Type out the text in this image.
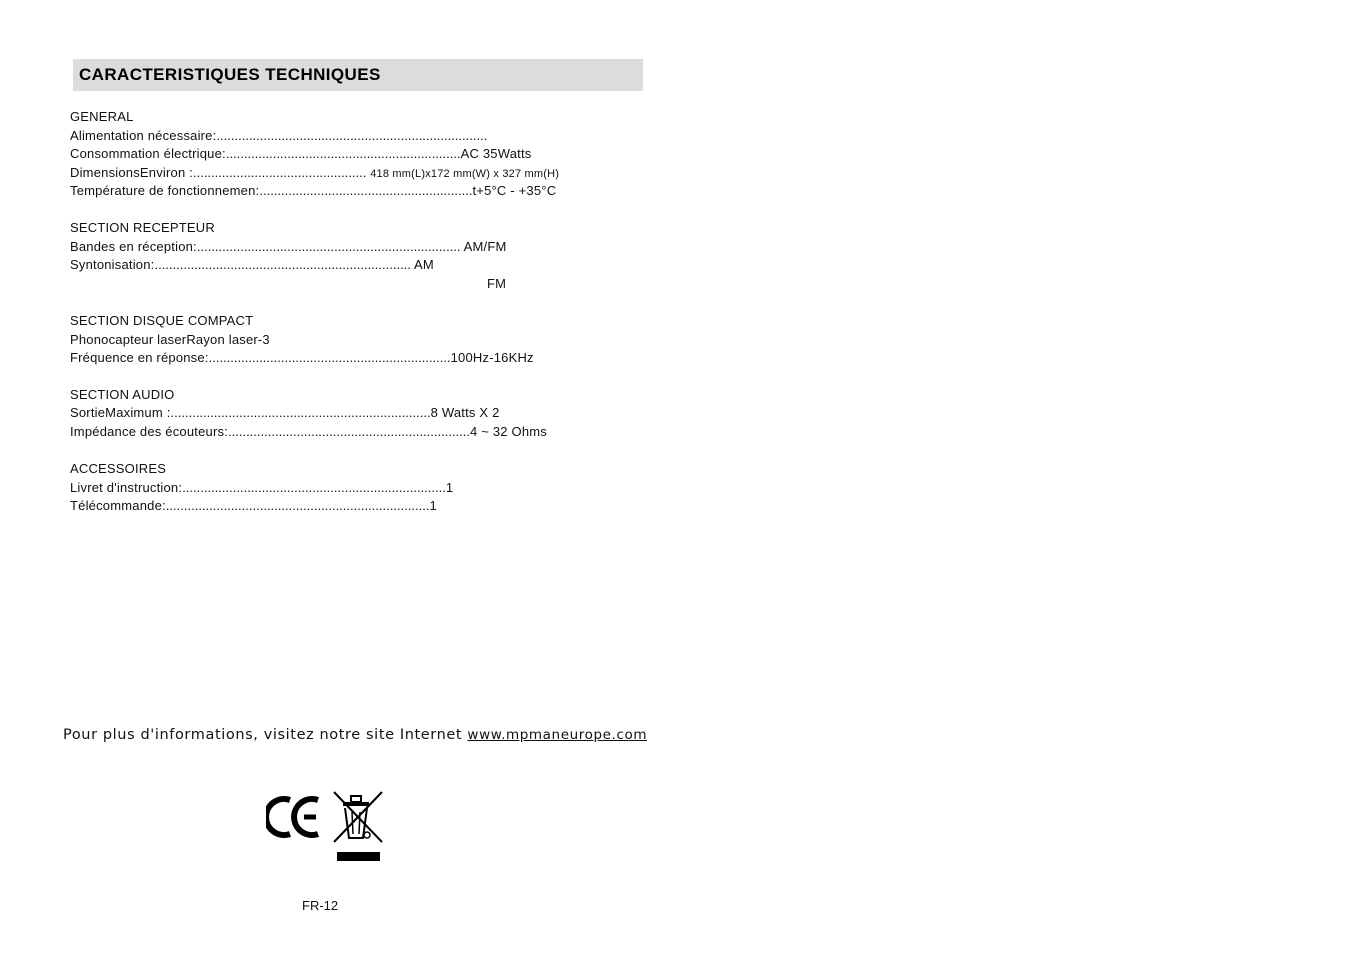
CARACTERISTIQUES TECHNIQUES
GENERAL
Alimentation nécessaire:...........................................................................
Consommation électrique:.................................................................AC 35Watts
DimensionsEnviron :................................................ 418 mm(L)x172 mm(W) x 327 mm(H)
Température de fonctionnemen:...........................................................t+5°C - +35°C
SECTION RECEPTEUR
Bandes en réception:......................................................................... AM/FM
Syntonisation:....................................................................... AM
FM
SECTION DISQUE COMPACT
Phonocapteur laserRayon laser-3
Fréquence en réponse:...................................................................100Hz-16KHz
SECTION AUDIO
SortieMaximum :........................................................................8 Watts X 2
Impédance des écouteurs:...................................................................4 ~ 32 Ohms
ACCESSOIRES
Livret d'instruction:.........................................................................1
Télécommande:.........................................................................1
Pour plus d'informations, visitez notre site Internet www.mpmaneurope.com
FR-12
